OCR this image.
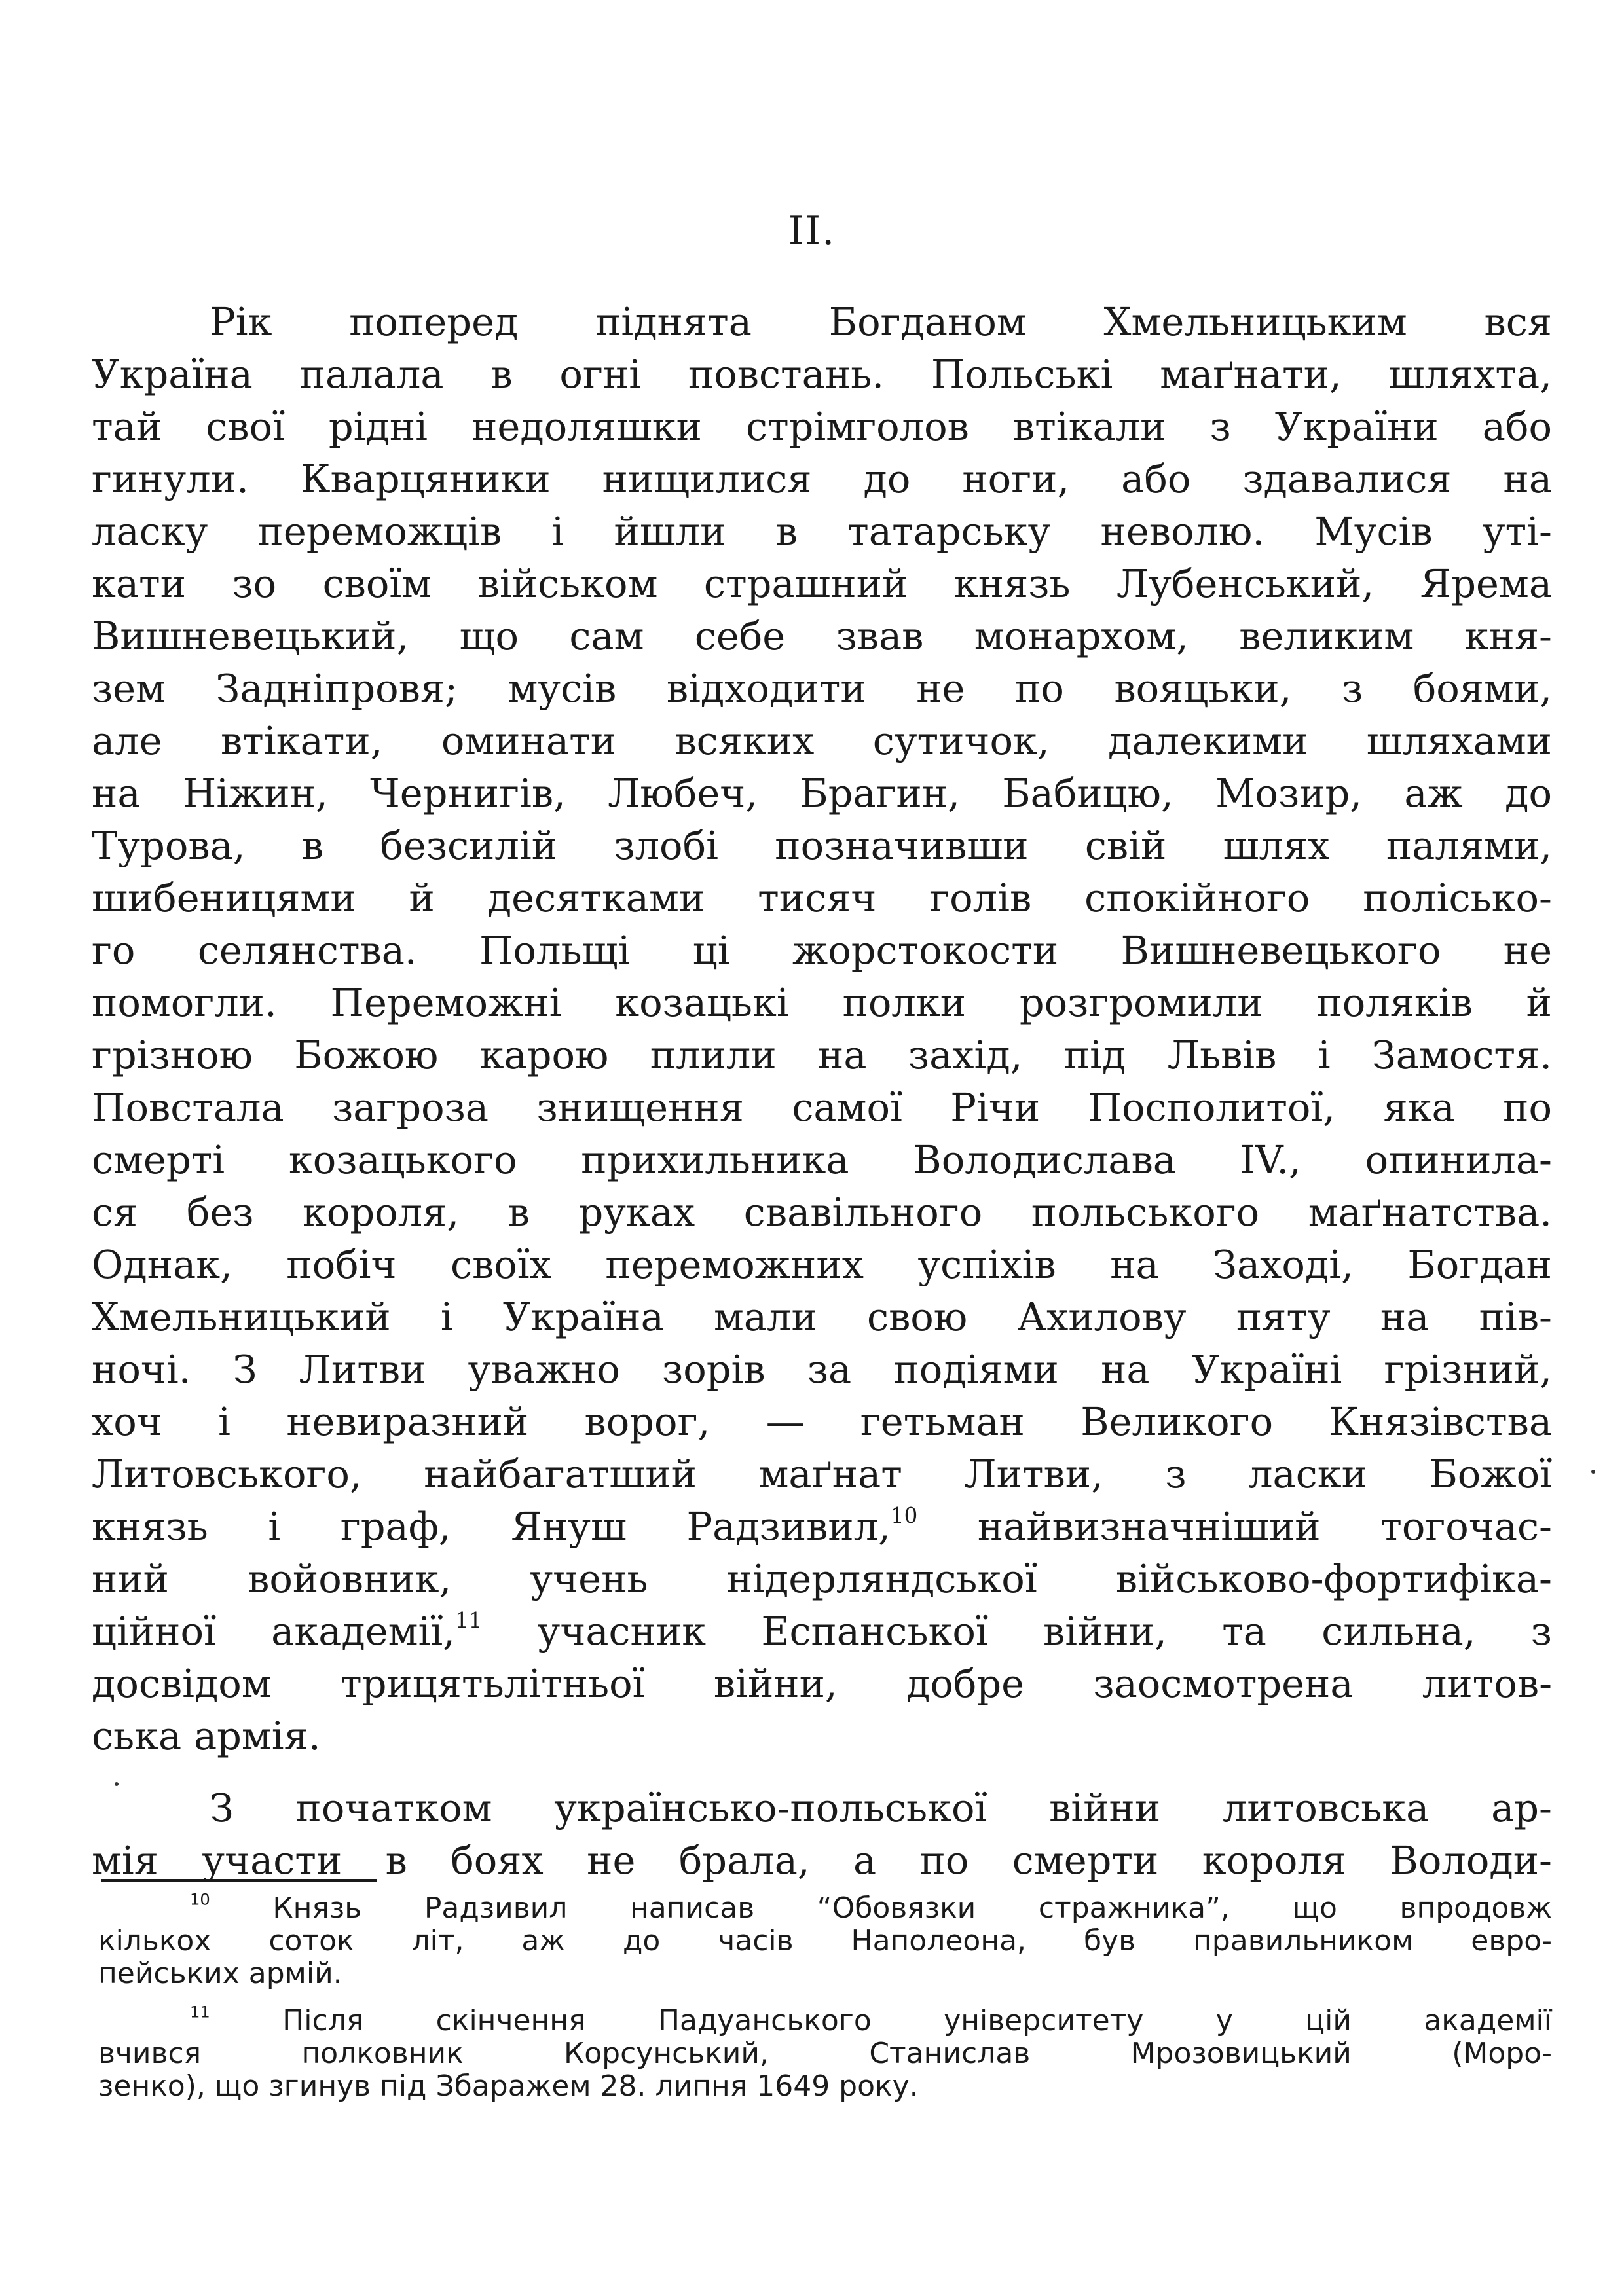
II.
Рік поперед піднята Богданом Хмельницьким вся
Україна палала в огні повстань. Польські маґнати, шляхта,
тай свої рідні недоляшки стрімголов втікали з України або
гинули. Кварцяники нищилися до ноги, або здавалися на
ласку переможців і йшли в татарську неволю. Мусів уті-
кати зо своїм військом страшний князь Лубенський, Ярема
Вишневецький, що сам себе звав монархом, великим кня-
зем Задніпровя; мусів відходити не по вояцьки, з боями,
але втікати, оминати всяких сутичок, далекими шляхами
на Ніжин, Чернигів, Любеч, Брагин, Бабицю, Мозир, аж до
Турова, в безсилій злобі позначивши свій шлях палями,
шибеницями й десятками тисяч голів спокійного полісько-
го селянства. Польщі ці жорстокости Вишневецького не
помогли. Переможні козацькі полки розгромили поляків й
грізною Божою карою плили на захід, під Львів і Замостя.
Повстала загроза знищення самої Річи Посполитої, яка по
смерті козацького прихильника Володислава IV., опинила-
ся без короля, в руках свавільного польського маґнатства.
Однак, побіч своїх переможних успіхів на Заході, Богдан
Хмельницький і Україна мали свою Ахилову пяту на пів-
ночі. З Литви уважно зорів за подіями на Україні грізний,
хоч і невиразний ворог, — гетьман Великого Князівства
Литовського, найбагатший маґнат Литви, з ласки Божої
князь і граф, Януш Радзивил,$^{10}$ найвизначніший тогочас-
ний войовник, учень нідерляндської військово-фортифіка-
ційної академії,$^{11}$ учасник Еспанської війни, та сильна, з
досвідом трицятьлітньої війни, добре заосмотрена литов-
ська армія.
З початком українсько-польської війни литовська ар-
мія участи в боях не брала, а по смерти короля Володи-
$^{10}$ Князь Радзивил написав “Обовязки стражника”, що впродовж
кількох соток літ, аж до часів Наполеона, був правильником евро-
пейських армій.
$^{11}$	Після скінчення Падуанського університету у цій академії
вчився полковник Корсунський, Станислав Мрозовицький (Моро-
зенко), що згинув під Збаражем 28. липня 1649 року.
